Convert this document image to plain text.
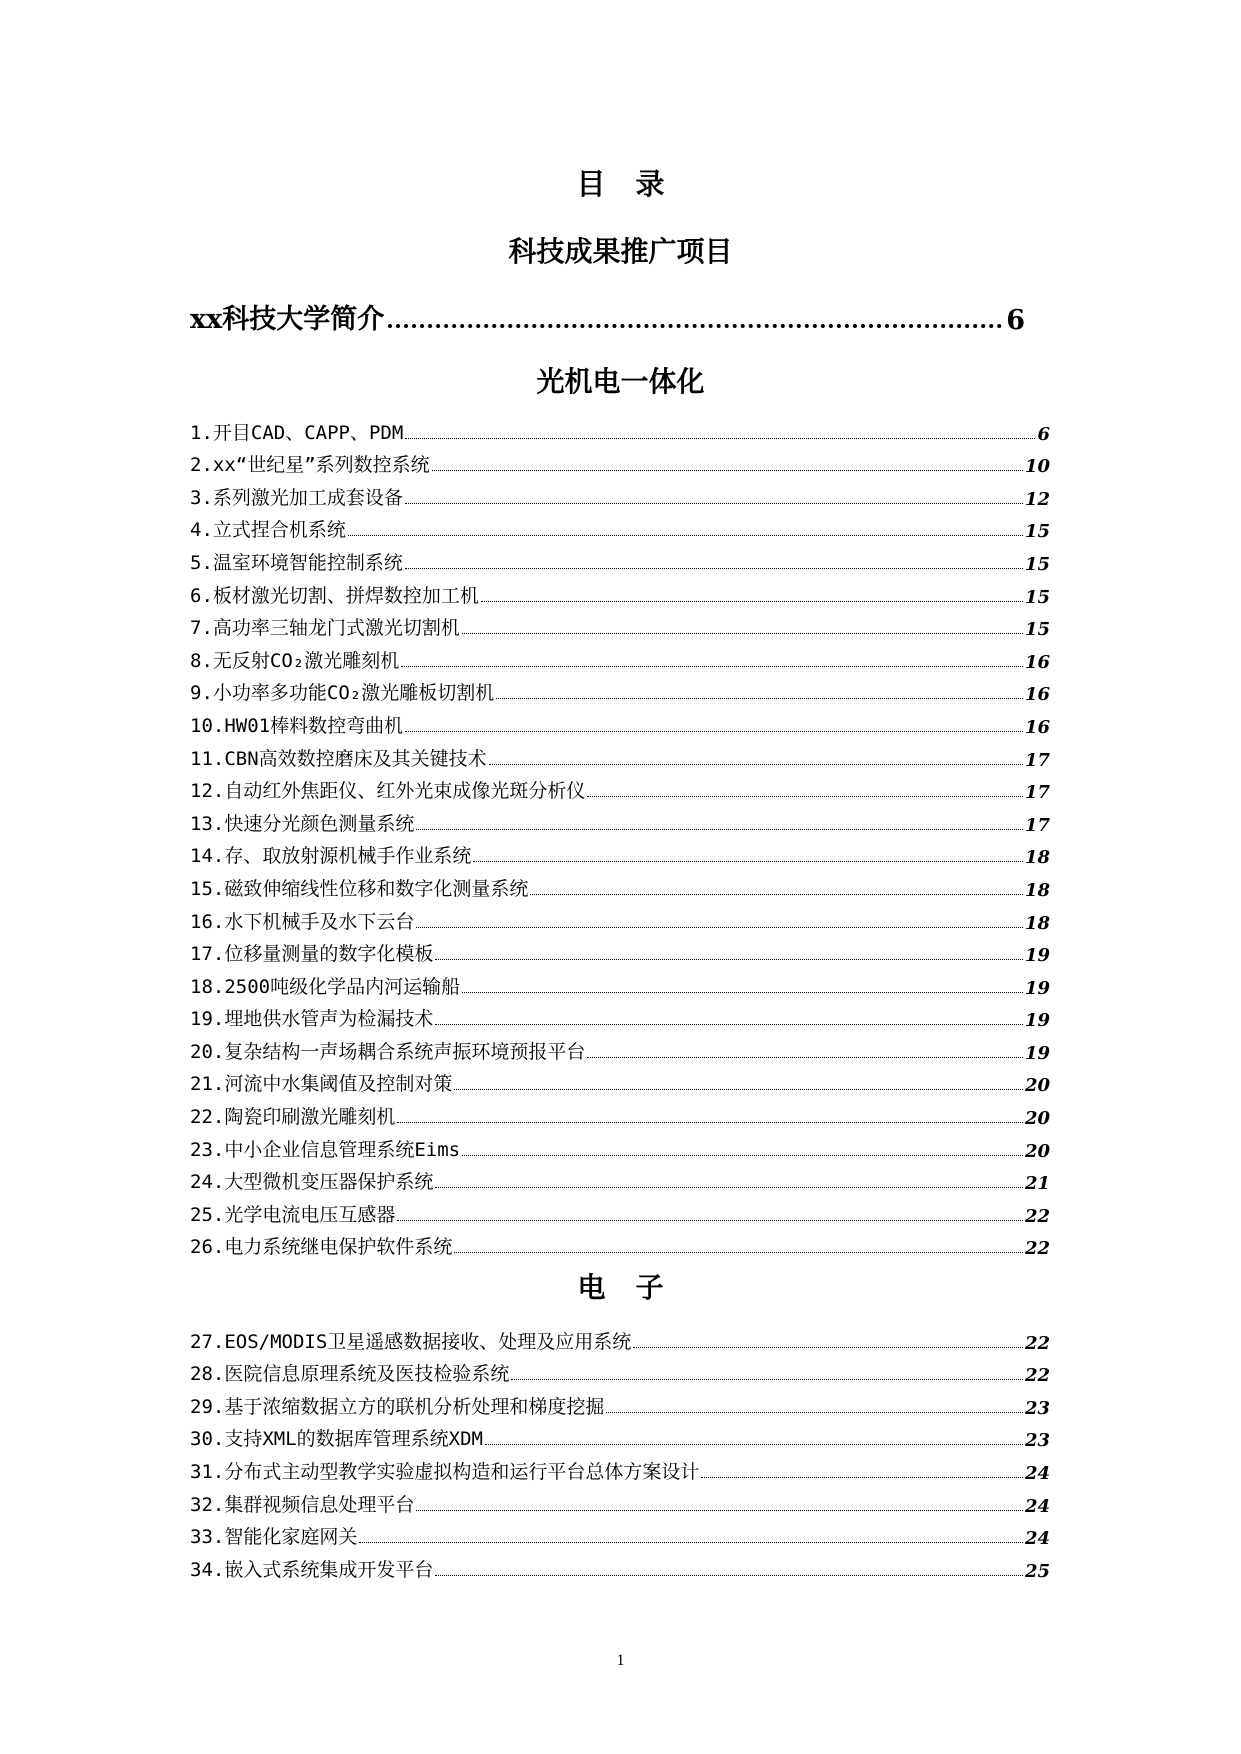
目录
科技成果推广项目
xx科技大学简介	6
光机电一体化
1.开目CAD、CAPP、PDM	6
2.xx“世纪星”系列数控系统	10
3.系列激光加工成套设备	12
4.立式捏合机系统	15
5.温室环境智能控制系统	15
6.板材激光切割、拼焊数控加工机	15
7.高功率三轴龙门式激光切割机	15
8.无反射CO₂激光雕刻机	16
9.小功率多功能CO₂激光雕板切割机	16
10.HW01棒料数控弯曲机	16
11.CBN高效数控磨床及其关键技术	17
12.自动红外焦距仪、红外光束成像光斑分析仪	17
13.快速分光颜色测量系统	17
14.存、取放射源机械手作业系统	18
15.磁致伸缩线性位移和数字化测量系统	18
16.水下机械手及水下云台	18
17.位移量测量的数字化模板	19
18.2500吨级化学品内河运输船	19
19.埋地供水管声为检漏技术	19
20.复杂结构一声场耦合系统声振环境预报平台	19
21.河流中水集阈值及控制对策	20
22.陶瓷印刷激光雕刻机	20
23.中小企业信息管理系统Eims	20
24.大型微机变压器保护系统	21
25.光学电流电压互感器	22
26.电力系统继电保护软件系统	22
电子
27.EOS/MODIS卫星遥感数据接收、处理及应用系统	22
28.医院信息原理系统及医技检验系统	22
29.基于浓缩数据立方的联机分析处理和梯度挖掘	23
30.支持XML的数据库管理系统XDM	23
31.分布式主动型教学实验虚拟构造和运行平台总体方案设计	24
32.集群视频信息处理平台	24
33.智能化家庭网关	24
34.嵌入式系统集成开发平台	25
1
